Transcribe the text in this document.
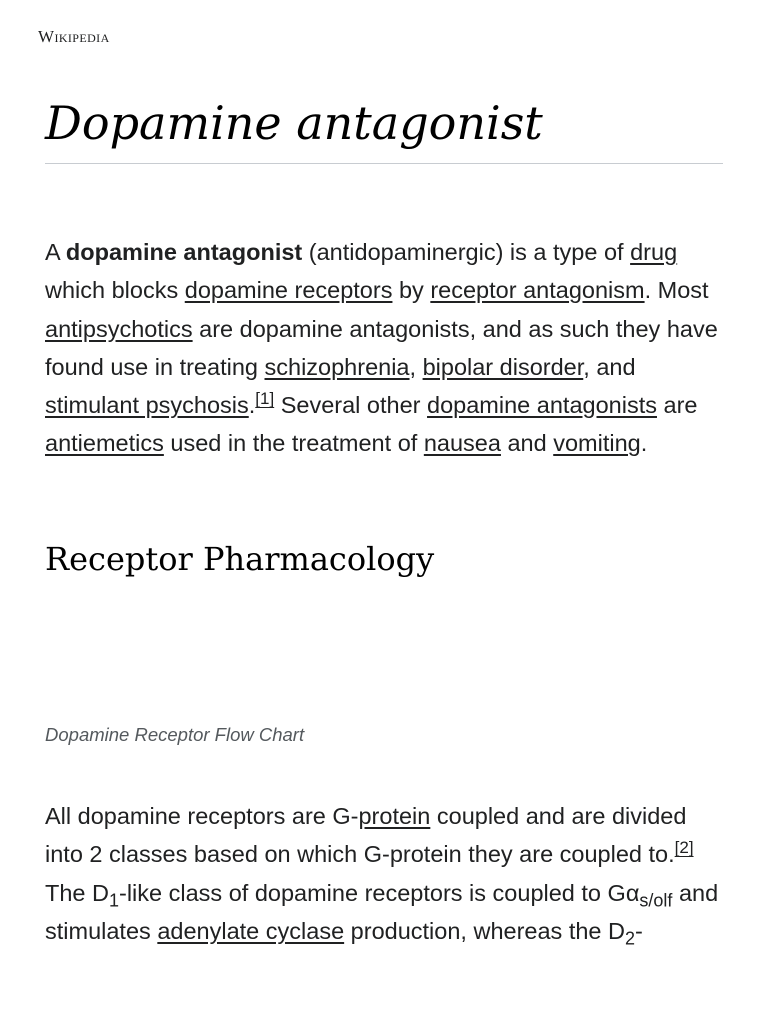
Wikipedia
Dopamine antagonist

A dopamine antagonist (antidopaminergic) is a type of drug which blocks dopamine receptors by receptor antagonism. Most antipsychotics are dopamine antagonists, and as such they have found use in treating schizophrenia, bipolar disorder, and stimulant psychosis.[1] Several other dopamine antagonists are antiemetics used in the treatment of nausea and vomiting.

Receptor Pharmacology

Dopamine Receptor Flow Chart

All dopamine receptors are G-protein coupled and are divided into 2 classes based on which G-protein they are coupled to.[2] The $D_1$-like class of dopamine receptors is coupled to $G\alpha_{s/olf}$ and stimulates adenylate cyclase production, whereas the $D_2-$
